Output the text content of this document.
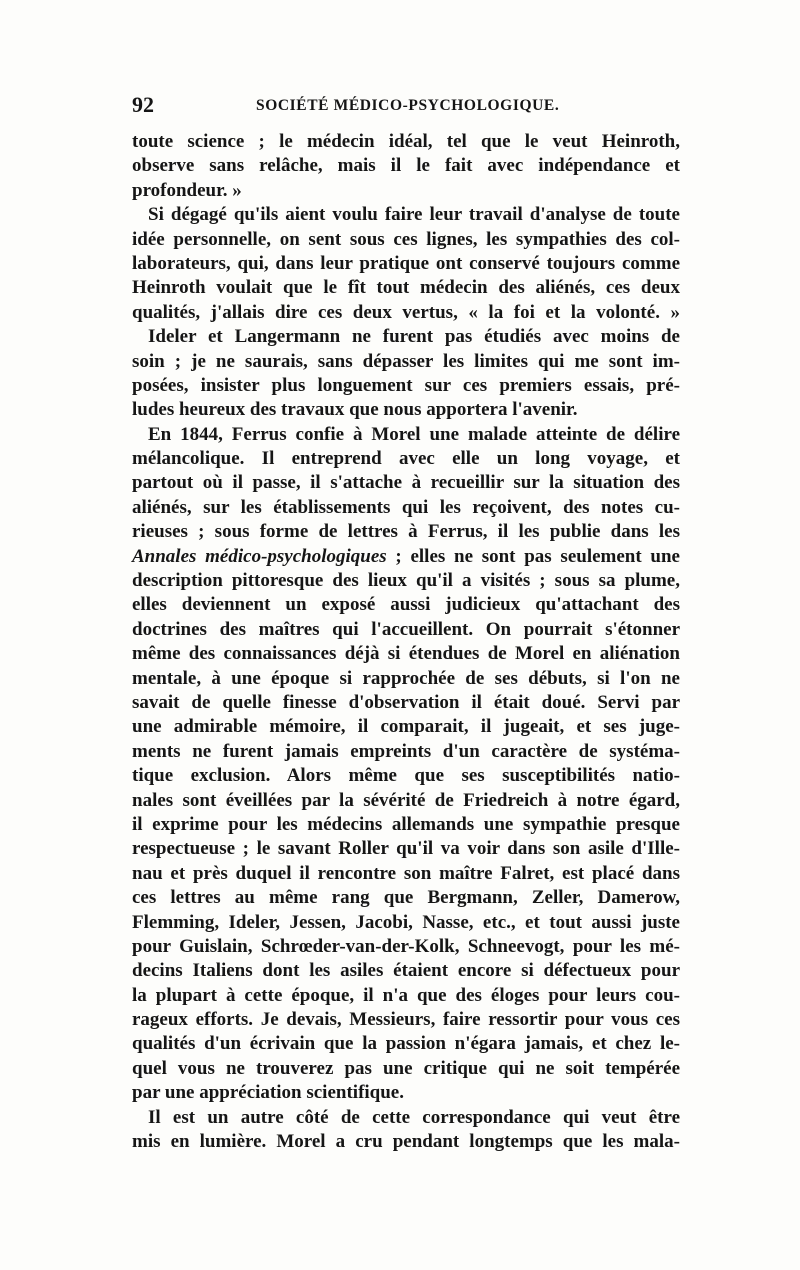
92	SOCIÉTÉ MÉDICO-PSYCHOLOGIQUE.
toute science ; le médecin idéal, tel que le veut Heinroth,
observe sans relâche, mais il le fait avec indépendance et
profondeur. »
Si dégagé qu'ils aient voulu faire leur travail d'analyse de toute
idée personnelle, on sent sous ces lignes, les sympathies des col-
laborateurs, qui, dans leur pratique ont conservé toujours comme
Heinroth voulait que le fît tout médecin des aliénés, ces deux
qualités, j'allais dire ces deux vertus, « la foi et la volonté. »
Ideler et Langermann ne furent pas étudiés avec moins de
soin ; je ne saurais, sans dépasser les limites qui me sont im-
posées, insister plus longuement sur ces premiers essais, pré-
ludes heureux des travaux que nous apportera l'avenir.
En 1844, Ferrus confie à Morel une malade atteinte de délire
mélancolique. Il entreprend avec elle un long voyage, et
partout où il passe, il s'attache à recueillir sur la situation des
aliénés, sur les établissements qui les reçoivent, des notes cu-
rieuses ; sous forme de lettres à Ferrus, il les publie dans les
Annales médico-psychologiques ; elles ne sont pas seulement une
description pittoresque des lieux qu'il a visités ; sous sa plume,
elles deviennent un exposé aussi judicieux qu'attachant des
doctrines des maîtres qui l'accueillent. On pourrait s'étonner
même des connaissances déjà si étendues de Morel en aliénation
mentale, à une époque si rapprochée de ses débuts, si l'on ne
savait de quelle finesse d'observation il était doué. Servi par
une admirable mémoire, il comparait, il jugeait, et ses juge-
ments ne furent jamais empreints d'un caractère de systéma-
tique exclusion. Alors même que ses susceptibilités natio-
nales sont éveillées par la sévérité de Friedreich à notre égard,
il exprime pour les médecins allemands une sympathie presque
respectueuse ; le savant Roller qu'il va voir dans son asile d'Ille-
nau et près duquel il rencontre son maître Falret, est placé dans
ces lettres au même rang que Bergmann, Zeller, Damerow,
Flemming, Ideler, Jessen, Jacobi, Nasse, etc., et tout aussi juste
pour Guislain, Schrœder-van-der-Kolk, Schneevogt, pour les mé-
decins Italiens dont les asiles étaient encore si défectueux pour
la plupart à cette époque, il n'a que des éloges pour leurs cou-
rageux efforts. Je devais, Messieurs, faire ressortir pour vous ces
qualités d'un écrivain que la passion n'égara jamais, et chez le-
quel vous ne trouverez pas une critique qui ne soit tempérée
par une appréciation scientifique.
Il est un autre côté de cette correspondance qui veut être
mis en lumière. Morel a cru pendant longtemps que les mala-
